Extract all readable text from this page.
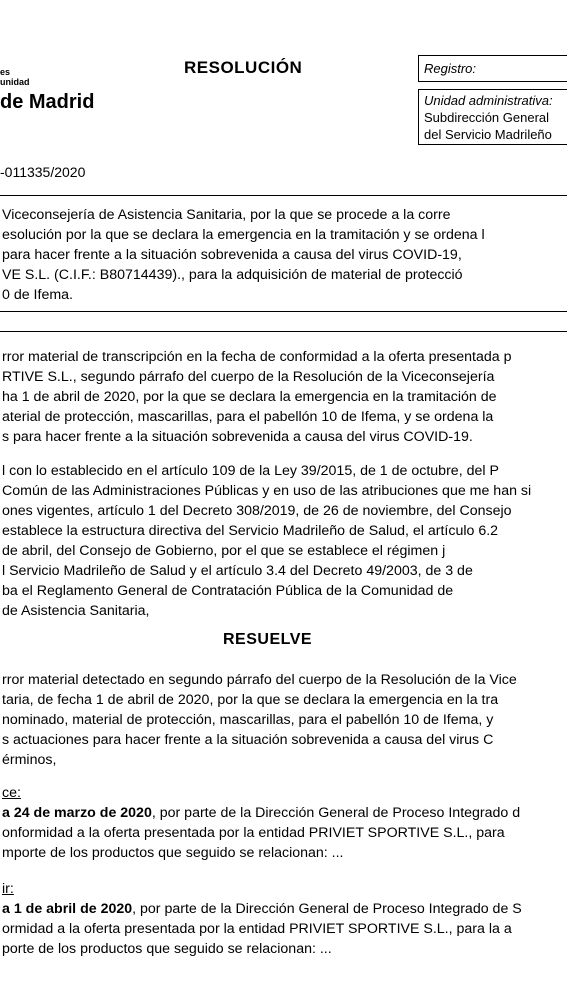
es
unidad
de Madrid
RESOLUCIÓN	Registro:
Unidad administrativa:
Subdirección General
del Servicio Madrileño
-011335/2020
Viceconsejería de Asistencia Sanitaria, por la que se procede a la corre
esolución por la que se declara la emergencia en la tramitación y se ordena l
para hacer frente a la situación sobrevenida a causa del virus COVID-19,
VE S.L. (C.I.F.: B80714439)., para la adquisición de material de protecció
0 de Ifema.
rror material de transcripción en la fecha de conformidad a la oferta presentada p
RTIVE S.L., segundo párrafo del cuerpo de la Resolución de la Viceconsejería
ha 1 de abril de 2020, por la que se declara la emergencia en la tramitación de
aterial de protección, mascarillas, para el pabellón 10 de Ifema, y se ordena la
s para hacer frente a la situación sobrevenida a causa del virus COVID-19.
l con lo establecido en el artículo 109 de la Ley 39/2015, de 1 de octubre, del P
Común de las Administraciones Públicas y en uso de las atribuciones que me han si
ones vigentes, artículo 1 del Decreto 308/2019, de 26 de noviembre, del Consejo
establece la estructura directiva del Servicio Madrileño de Salud, el artículo 6.2
de abril, del Consejo de Gobierno, por el que se establece el régimen j
l Servicio Madrileño de Salud y el artículo 3.4 del Decreto 49/2003, de 3 de
ba el Reglamento General de Contratación Pública de la Comunidad de
de Asistencia Sanitaria,
RESUELVE
rror material detectado en segundo párrafo del cuerpo de la Resolución de la Vice
taria, de fecha 1 de abril de 2020, por la que se declara la emergencia en la tra
nominado, material de protección, mascarillas, para el pabellón 10 de Ifema, y
s actuaciones para hacer frente a la situación sobrevenida a causa del virus C
érminos,
ce:
a 24 de marzo de 2020, por parte de la Dirección General de Proceso Integrado d
onformidad a la oferta presentada por la entidad PRIVIET SPORTIVE S.L., para
mporte de los productos que seguido se relacionan: ...
ir:
a 1 de abril de 2020, por parte de la Dirección General de Proceso Integrado de S
ormidad a la oferta presentada por la entidad PRIVIET SPORTIVE S.L., para la a
porte de los productos que seguido se relacionan: ...
